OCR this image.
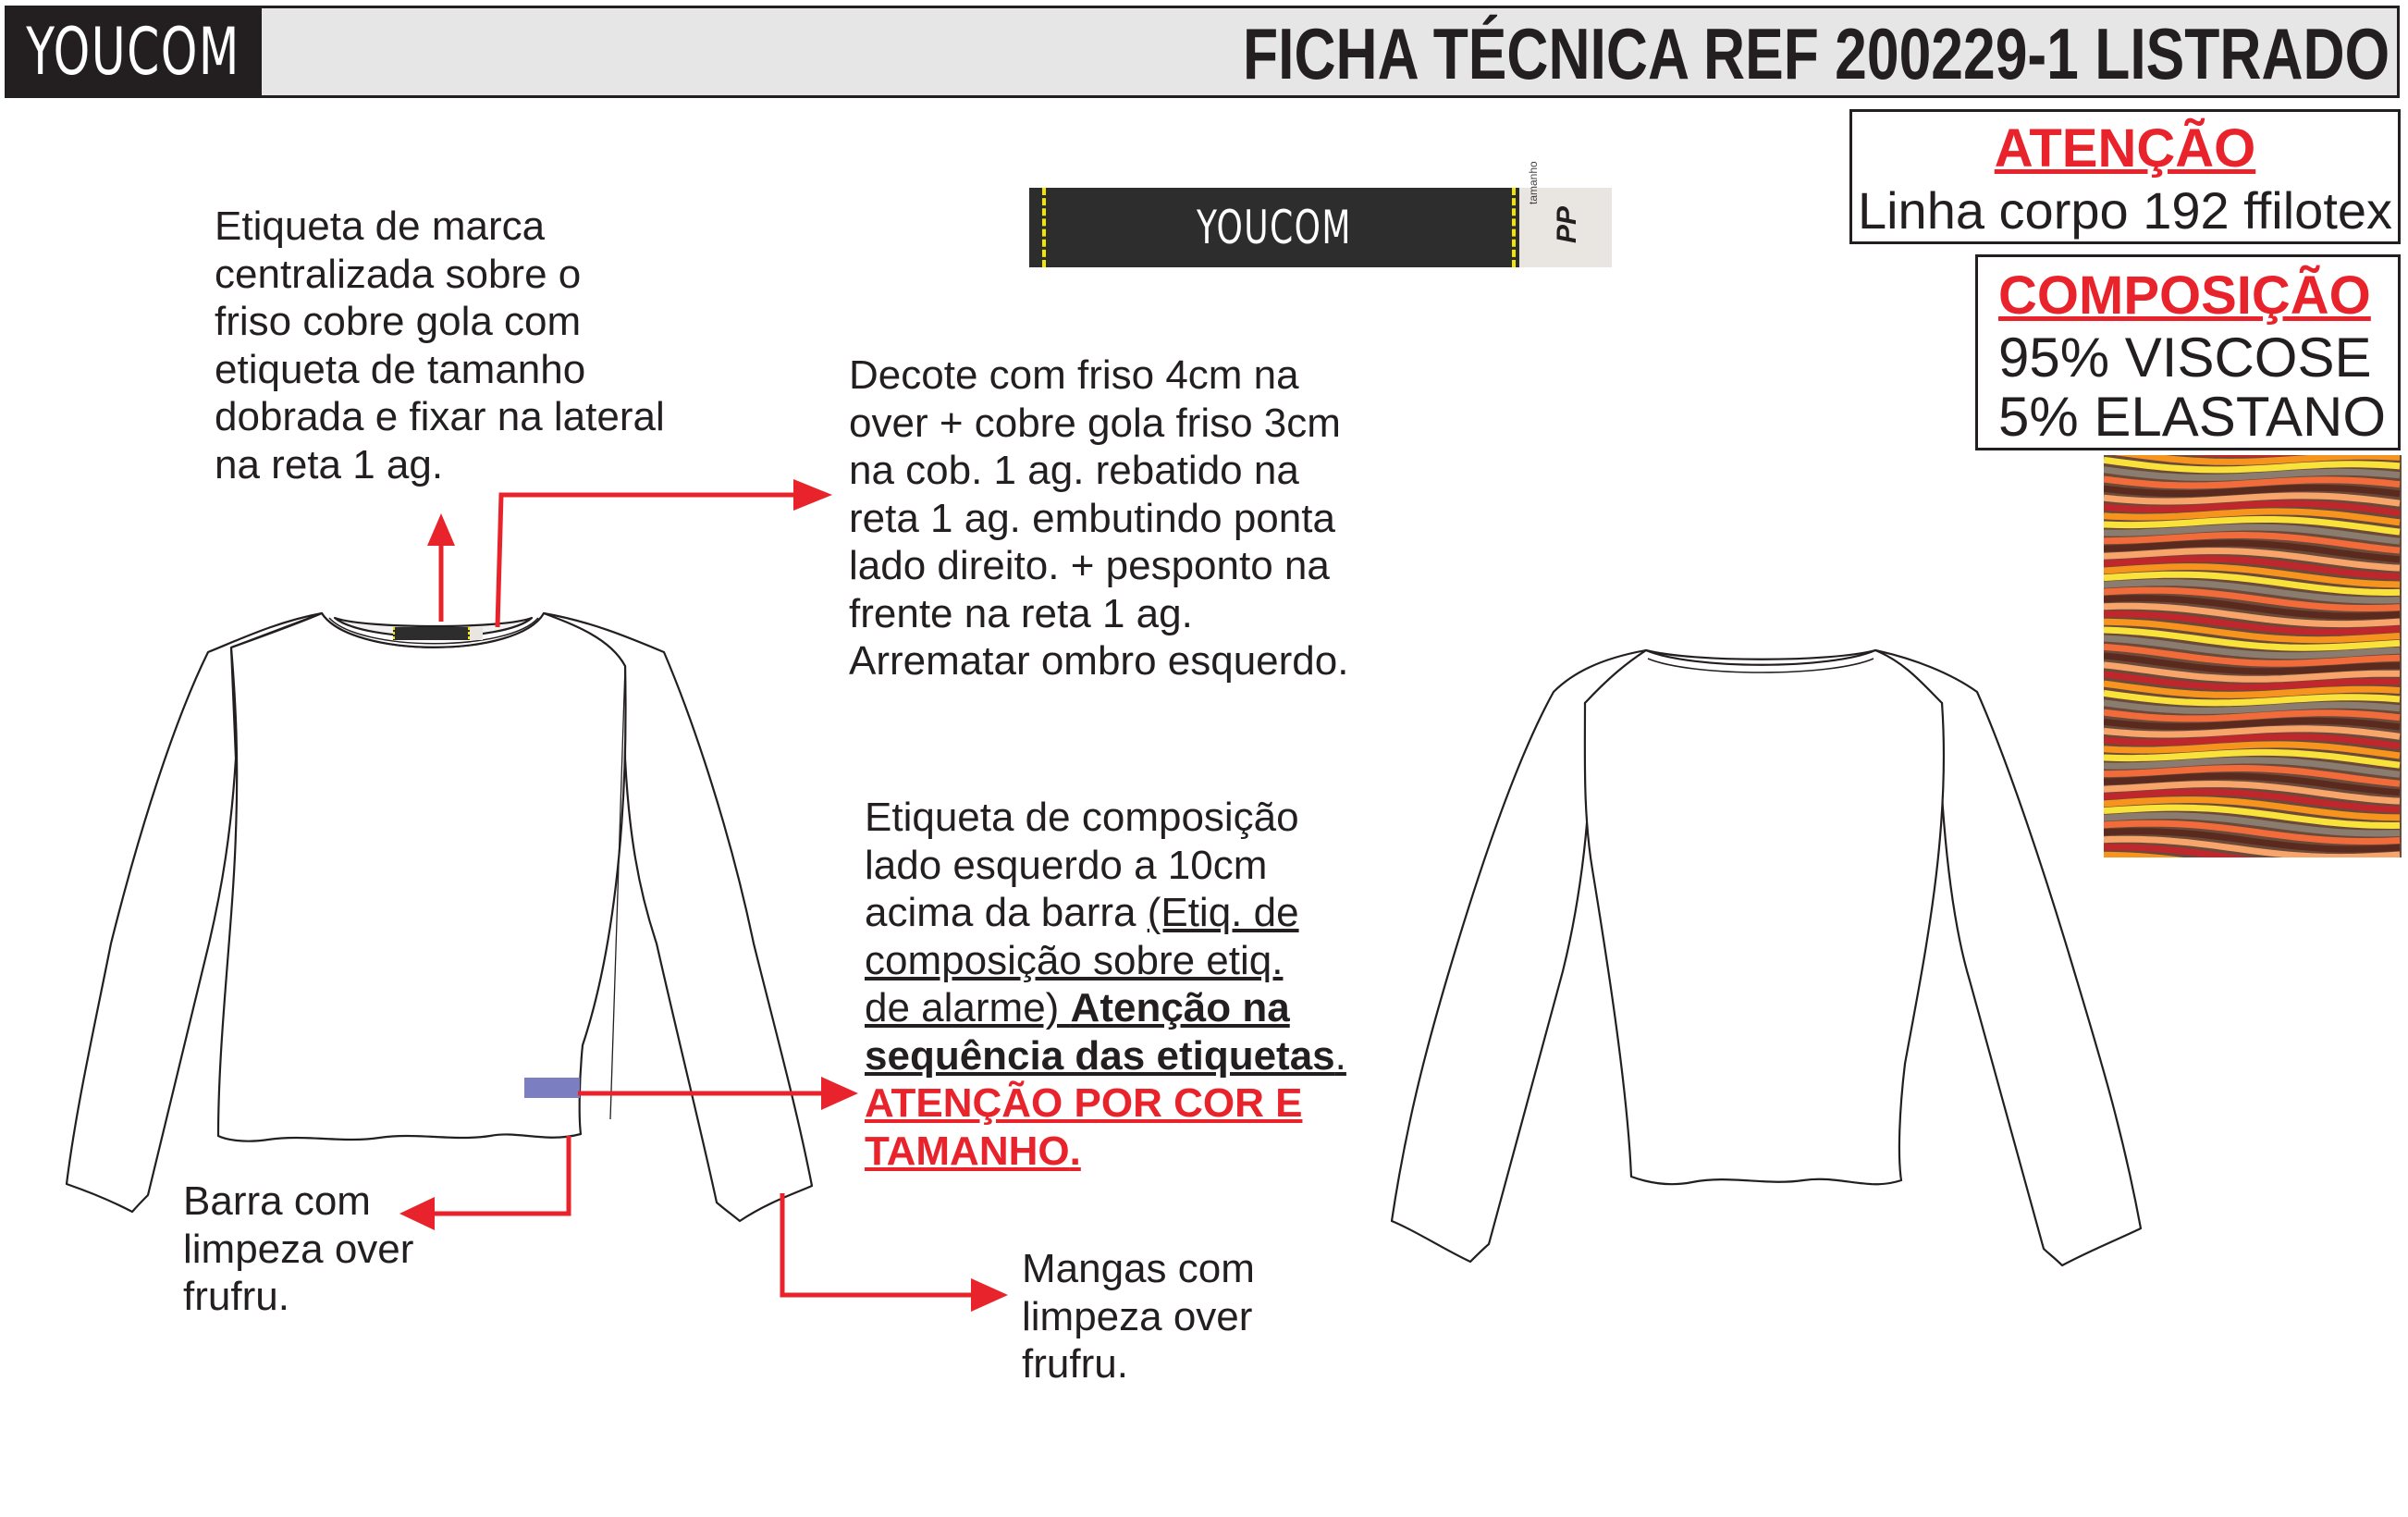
YOUCOM	FICHA TÉCNICA REF 200229-1 LISTRADO
ATENÇÃO
Linha corpo 192 ffilotex
COMPOSIÇÃO
95% VISCOSE
5% ELASTANO
YOUCOM
tamanho
PP
Etiqueta de marca
centralizada sobre o
friso cobre gola com
etiqueta de tamanho
dobrada e fixar na lateral
na reta 1 ag.
Decote com friso 4cm na
over + cobre gola friso 3cm
na cob. 1 ag. rebatido na
reta 1 ag. embutindo ponta
lado direito. + pesponto na
frente na reta 1 ag.
Arrematar ombro esquerdo.
Etiqueta de composição
lado esquerdo a 10cm
acima da barra (Etiq. de
composição sobre etiq.
de alarme) Atenção na
sequência das etiquetas.
ATENÇÃO POR COR E
TAMANHO.
Barra com
limpeza over
frufru.
Mangas com
limpeza over
frufru.
